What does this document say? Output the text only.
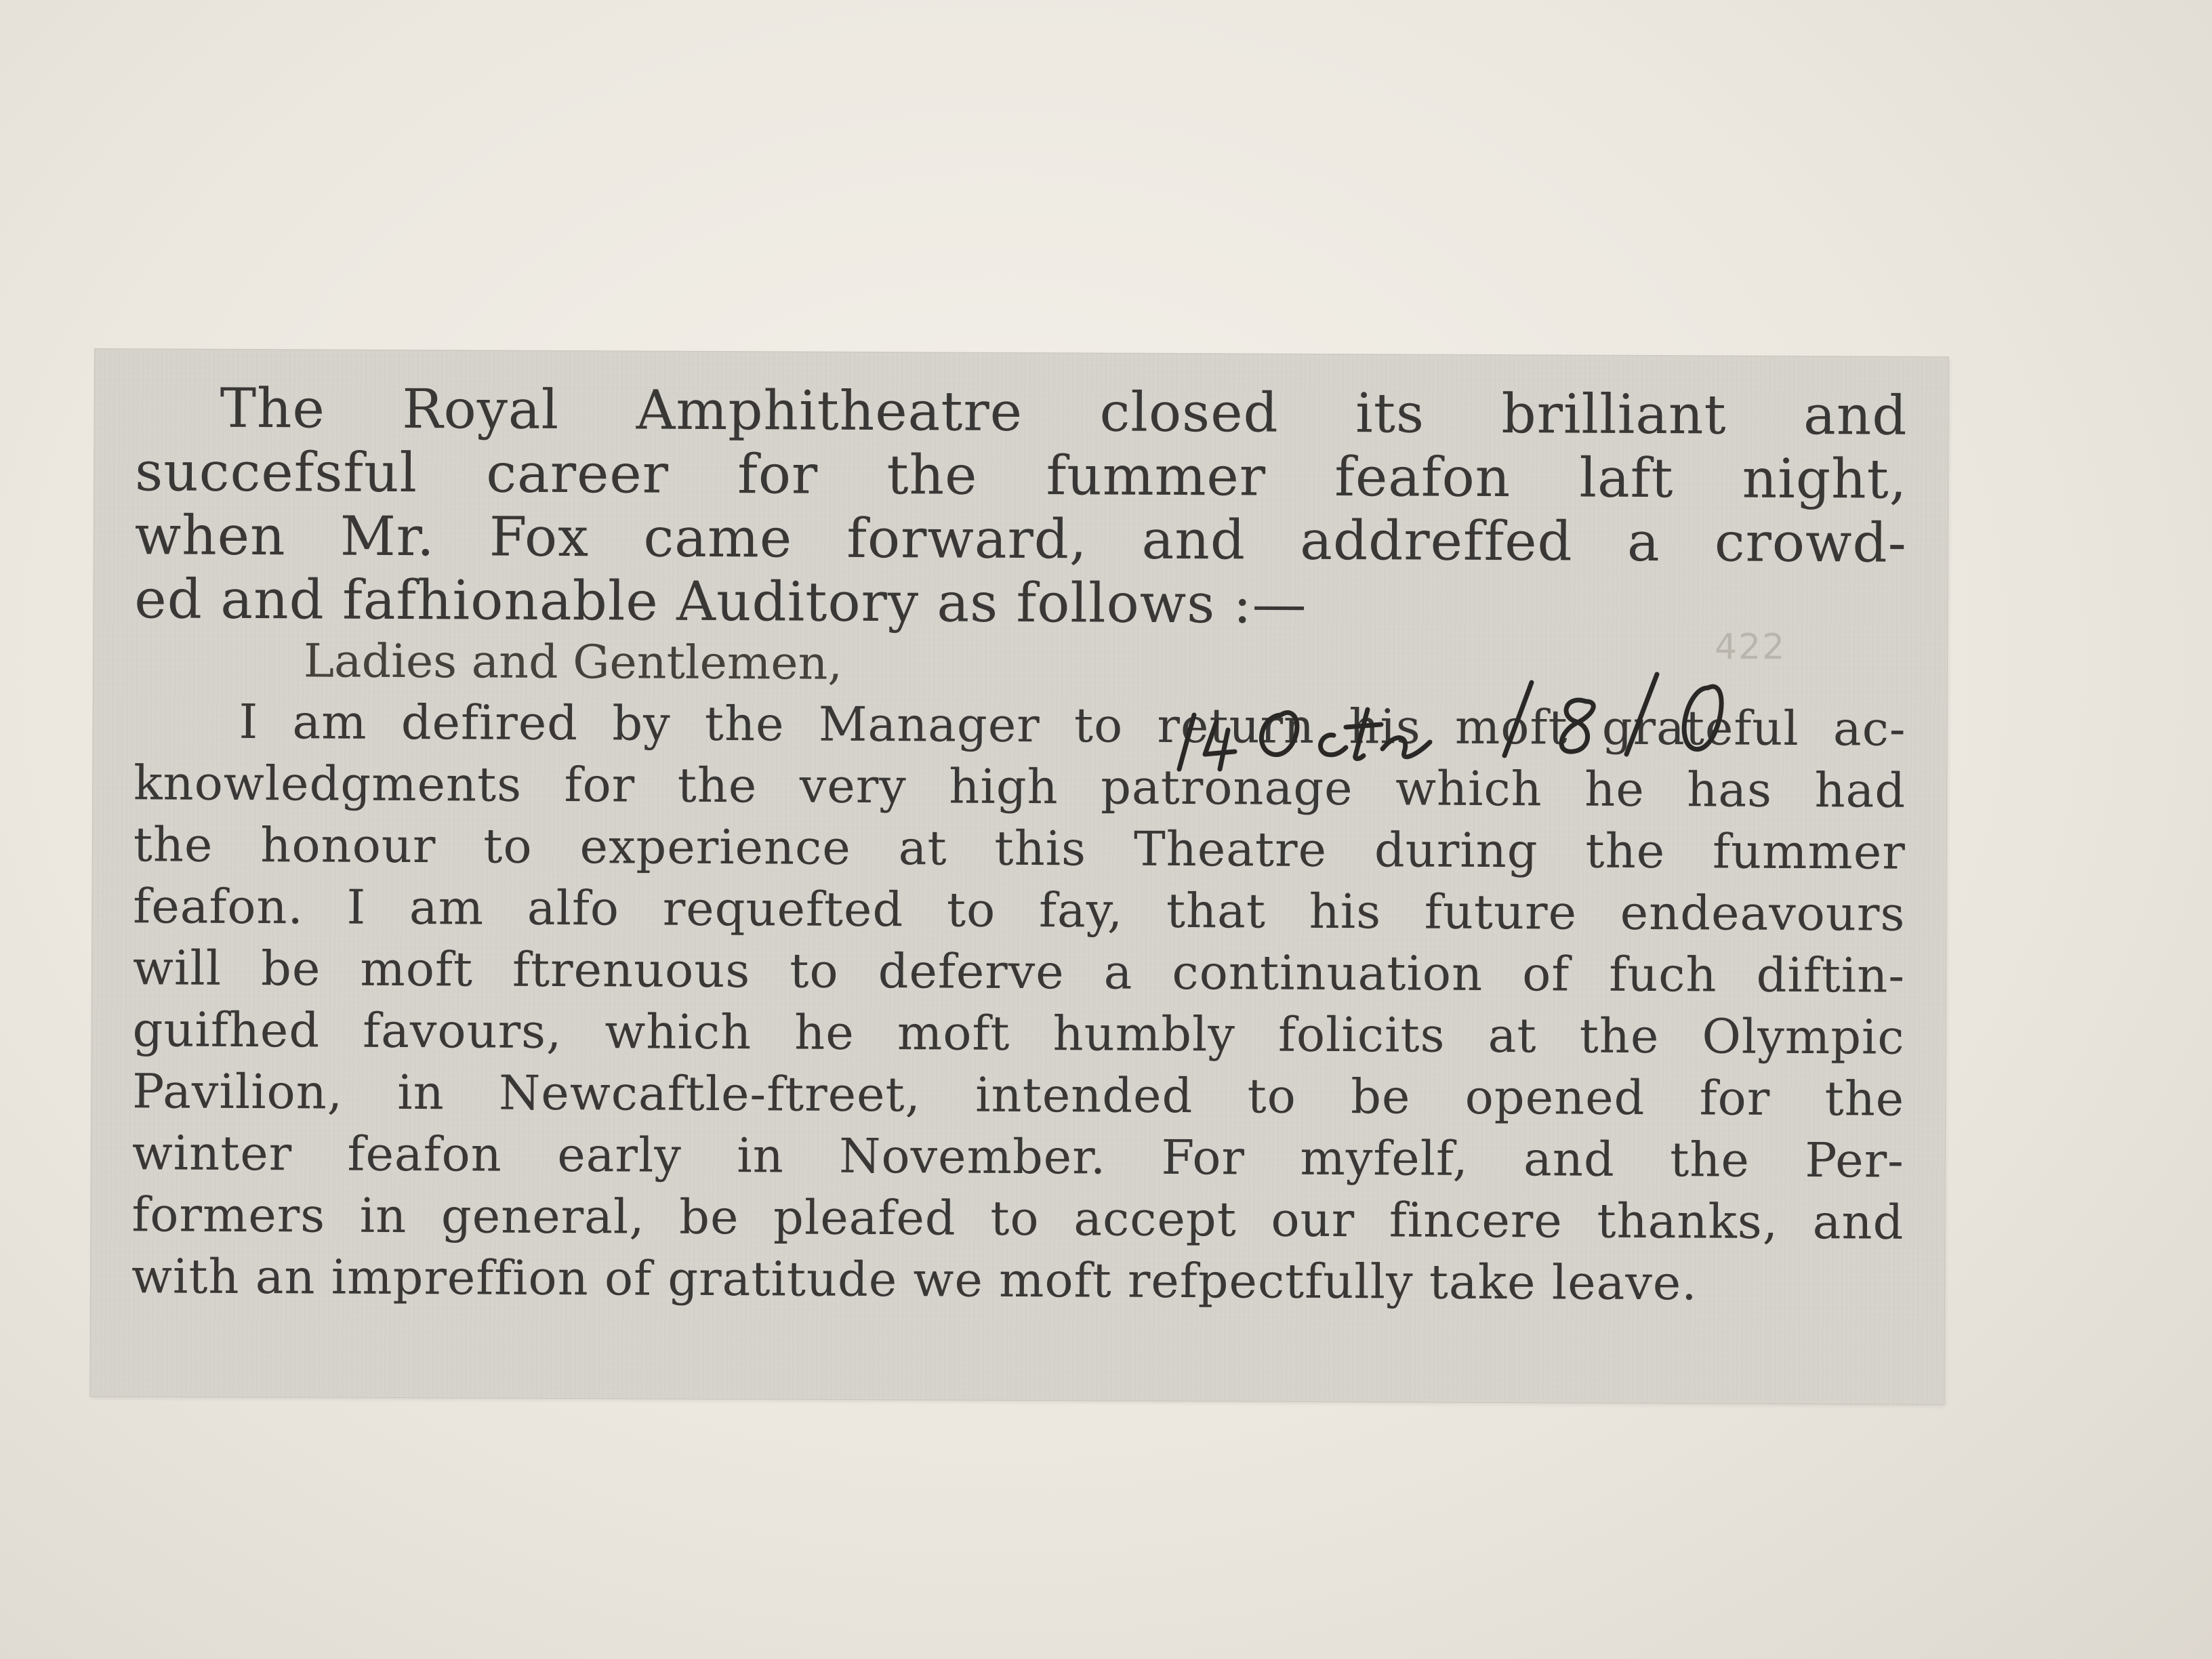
The Royal Amphitheatre closed its brilliant and
succefsful career for the fummer feafon laft night,
when Mr. Fox came forward, and addreffed a crowd-
ed and fafhionable Auditory as follows :—
Ladies and Gentlemen,
I am defired by the Manager to return his moft grateful ac-
knowledgments for the very high patronage which he has had
the honour to experience at this Theatre during the fummer
feafon. I am alfo requefted to fay, that his future endeavours
will be moft ftrenuous to deferve a continuation of fuch diftin-
guifhed favours, which he moft humbly folicits at the Olympic
Pavilion, in Newcaftle-ftreet, intended to be opened for the
winter feafon early in November. For myfelf, and the Per-
formers in general, be pleafed to accept our fincere thanks, and
with an impreffion of gratitude we moft refpectfully take leave.
422
